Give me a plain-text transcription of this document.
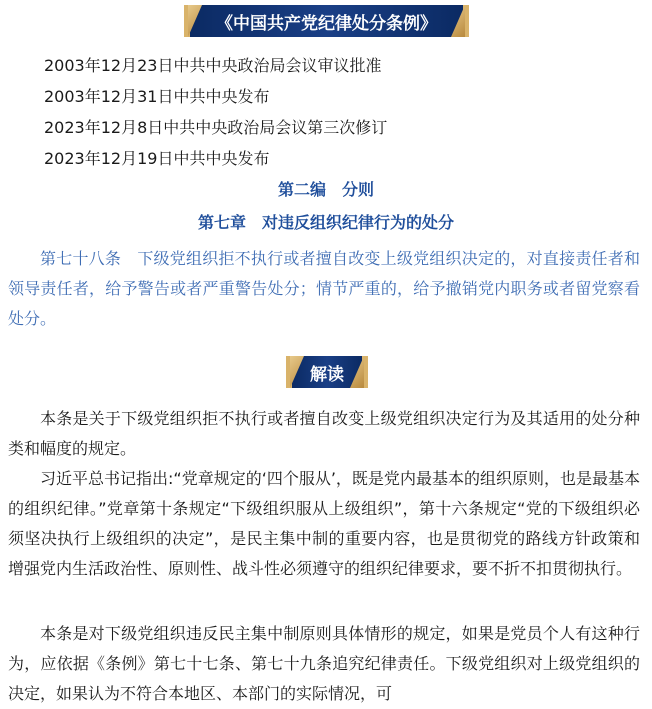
《中国共产党纪律处分条例》
2003年12月23日中共中央政治局会议审议批准
2003年12月31日中共中央发布
2023年12月8日中共中央政治局会议第三次修订
2023年12月19日中共中央发布
第二编　分则
第七章　对违反组织纪律行为的处分

第七十八条　下级党组织拒不执行或者擅自改变上级党组织决定的，对直接责任者和领导责任者，给予警告或者严重警告处分；情节严重的，给予撤销党内职务或者留党察看处分。

解读

本条是关于下级党组织拒不执行或者擅自改变上级党组织决定行为及其适用的处分种类和幅度的规定。

习近平总书记指出:“党章规定的‘四个服从’，既是党内最基本的组织原则，也是最基本的组织纪律。”党章第十条规定“下级组织服从上级组织”，第十六条规定“党的下级组织必须坚决执行上级组织的决定”，是民主集中制的重要内容，也是贯彻党的路线方针政策和增强党内生活政治性、原则性、战斗性必须遵守的组织纪律要求，要不折不扣贯彻执行。

本条是对下级党组织违反民主集中制原则具体情形的规定，如果是党员个人有这种行为，应依据《条例》第七十七条、第七十九条追究纪律责任。下级党组织对上级党组织的决定，如果认为不符合本地区、本部门的实际情况，可
